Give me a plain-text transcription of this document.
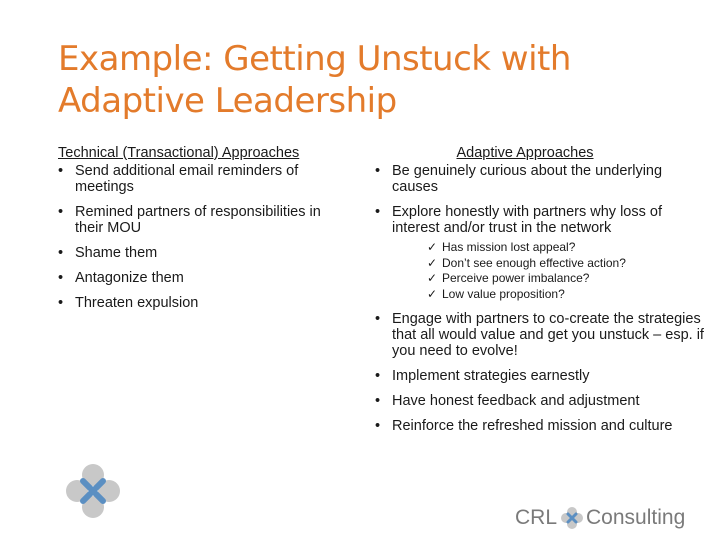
Example: Getting Unstuck with
Adaptive Leadership
Technical (Transactional) Approaches
• Send additional email reminders of meetings
• Remined partners of responsibilities in their MOU
• Shame them
• Antagonize them
• Threaten expulsion
Adaptive Approaches
• Be genuinely curious about the underlying causes
• Explore honestly with partners why loss of interest and/or trust in the network
✓ Has mission lost appeal?
✓ Don’t see enough effective action?
✓ Perceive power imbalance?
✓ Low value proposition?
• Engage with partners to co-create the strategies that all would value and get you unstuck – esp. if you need to evolve!
• Implement strategies earnestly
• Have honest feedback and adjustment
• Reinforce the refreshed mission and culture
CRL Consulting
